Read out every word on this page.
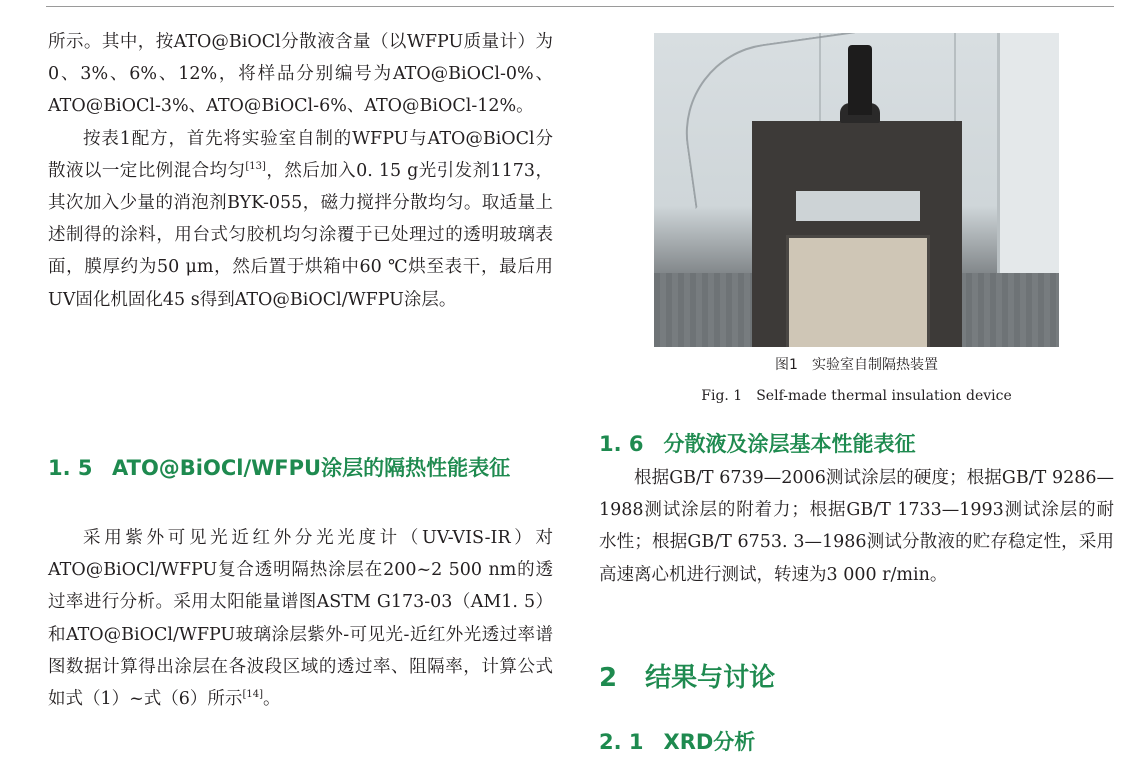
所示。其中，按ATO@BiOCl分散液含量（以WFPU质量计）为0、3%、6%、12%，将样品分别编号为ATO@BiOCl-0%、ATO@BiOCl-3%、ATO@BiOCl-6%、ATO@BiOCl-12%。

按表1配方，首先将实验室自制的WFPU与ATO@BiOCl分散液以一定比例混合均匀[13]，然后加入0. 15 g光引发剂1173，其次加入少量的消泡剂BYK-055，磁力搅拌分散均匀。取适量上述制得的涂料，用台式匀胶机均匀涂覆于已处理过的透明玻璃表面，膜厚约为50 μm，然后置于烘箱中60 ℃烘至表干，最后用UV固化机固化45 s得到ATO@BiOCl/WFPU涂层。

1. 5 ATO@BiOCl/WFPU涂层的隔热性能表征

采用紫外可见光近红外分光光度计（UV-VIS-IR）对ATO@BiOCl/WFPU复合透明隔热涂层在200~2 500 nm的透过率进行分析。采用太阳能量谱图ASTM G173-03（AM1. 5）和ATO@BiOCl/WFPU玻璃涂层紫外-可见光-近红外光透过率谱图数据计算得出涂层在各波段区域的透过率、阻隔率，计算公式如式（1）~式（6）所示[14]。

图1　实验室自制隔热装置
Fig. 1　Self-made thermal insulation device
1. 6 分散液及涂层基本性能表征

根据GB/T 6739—2006测试涂层的硬度；根据GB/T 9286—1988测试涂层的附着力；根据GB/T 1733—1993测试涂层的耐水性；根据GB/T 6753. 3—1986测试分散液的贮存稳定性，采用高速离心机进行测试，转速为3 000 r/min。

2 结果与讨论
2. 1 XRD分析
